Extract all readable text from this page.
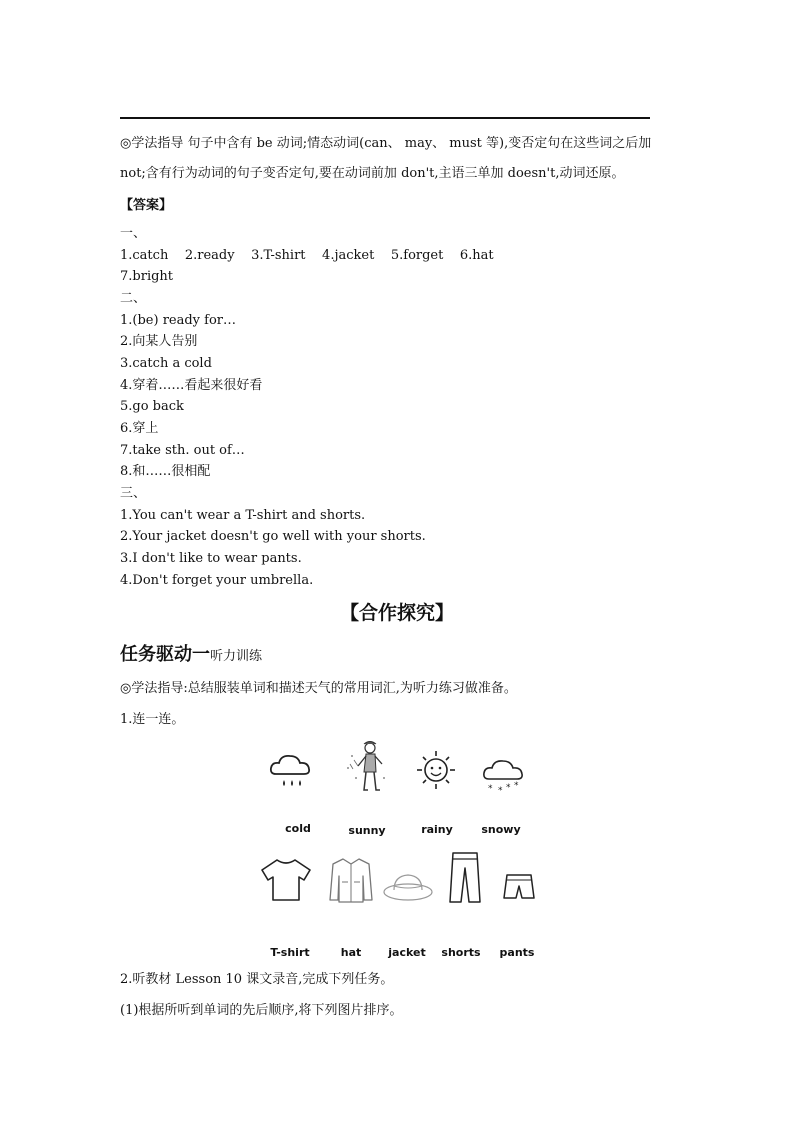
◎学法指导 句子中含有 be 动词;情态动词(can、 may、 must 等),变否定句在这些词之后加
not;含有行为动词的句子变否定句,要在动词前加 don't,主语三单加 doesn't,动词还原。
【答案】
一、
1.catch    2.ready    3.T-shirt    4.jacket    5.forget    6.hat
7.bright
二、
1.(be) ready for…
2.向某人告别
3.catch a cold
4.穿着……看起来很好看
5.go back
6.穿上
7.take sth. out of…
8.和……很相配
三、
1.You can't wear a T-shirt and shorts.
2.Your jacket doesn't go well with your shorts.
3.I don't like to wear pants.
4.Don't forget your umbrella.
【合作探究】
任务驱动一听力训练
◎学法指导:总结服装单词和描述天气的常用词汇,为听力练习做准备。
1.连一连。
* * * *
cold	sunny	rainy	snowy
T-shirt	hat	jacket	shorts	pants
2.听教材 Lesson 10 课文录音,完成下列任务。
(1)根据所听到单词的先后顺序,将下列图片排序。
